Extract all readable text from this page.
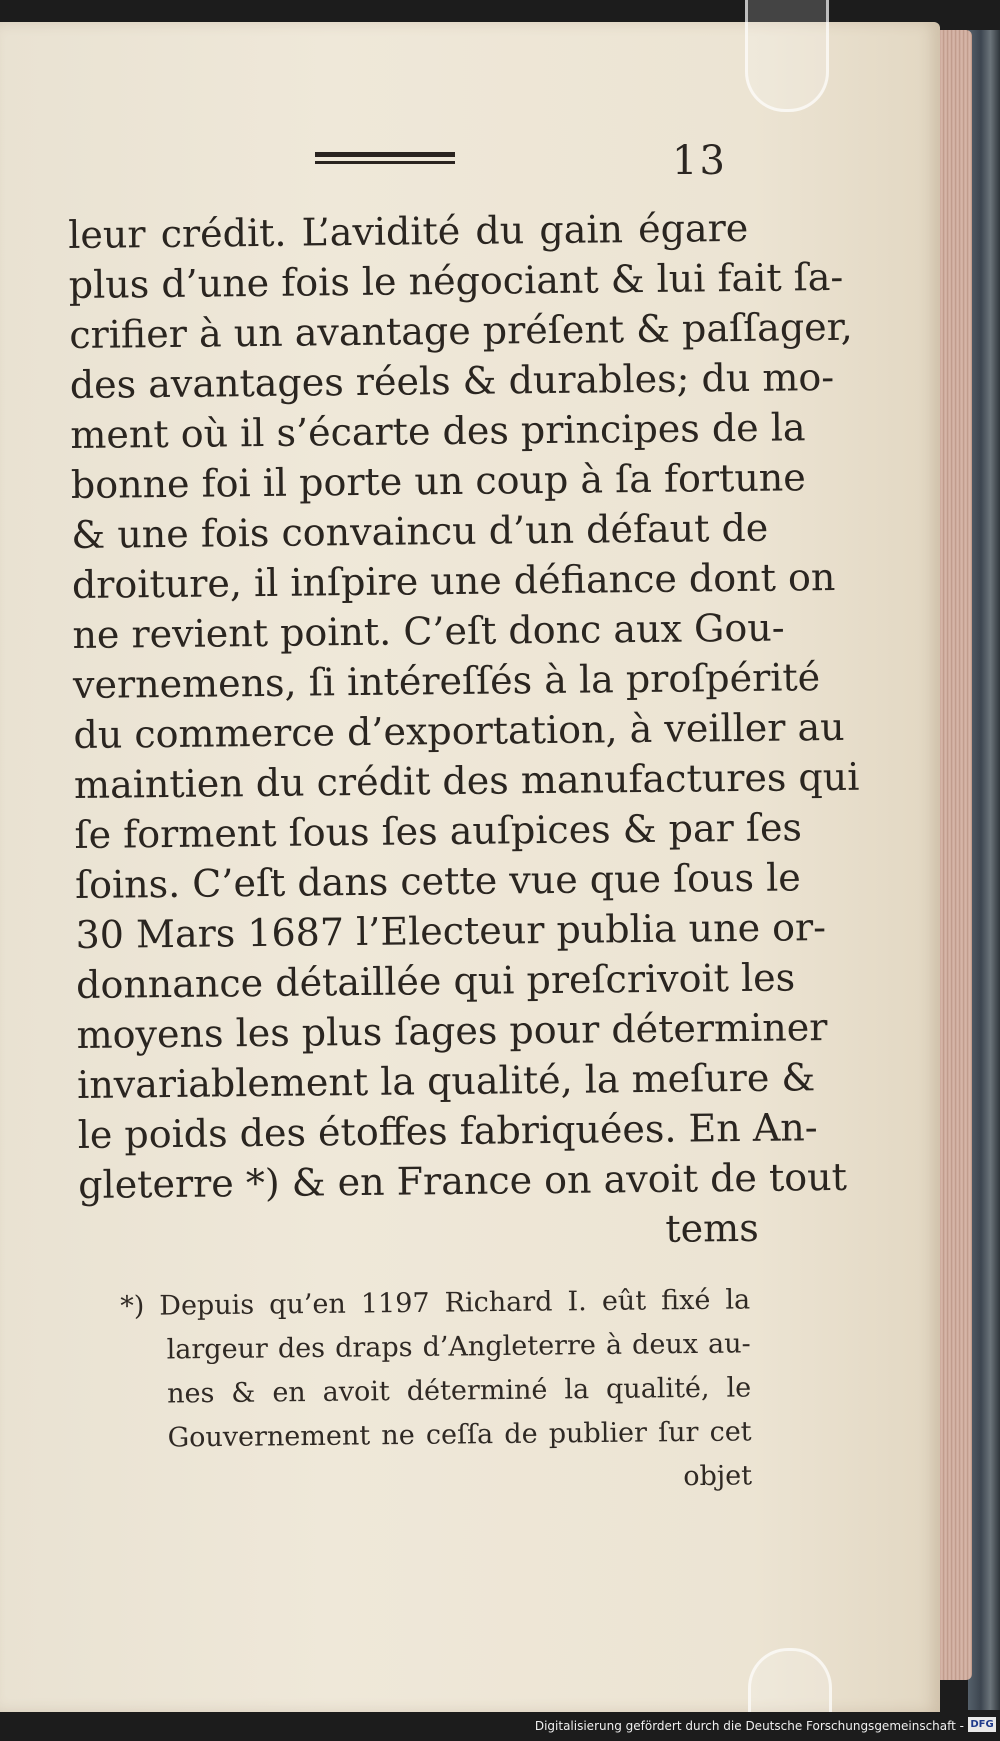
13
leur crédit. L’avidité du gain égare
plus d’une fois le négociant & lui fait ſa-
crifier à un avantage préſent & paſſager,
des avantages réels & durables; du mo-
ment où il s’écarte des principes de la
bonne foi il porte un coup à ſa fortune
& une fois convaincu d’un défaut de
droiture, il inſpire une défiance dont on
ne revient point. C’eſt donc aux Gou-
vernemens, ſi intéreſſés à la proſpérité
du commerce d’exportation, à veiller au
maintien du crédit des manufactures qui
ſe forment ſous ſes auſpices & par ſes
ſoins. C’eſt dans cette vue que ſous le
30 Mars 1687 l’Electeur publia une or-
donnance détaillée qui preſcrivoit les
moyens les plus ſages pour déterminer
invariablement la qualité, la meſure &
le poids des étoffes fabriquées. En An-
gleterre *) & en France on avoit de tout
tems
*) Depuis qu’en 1197 Richard I. eût fixé la
largeur des draps d’Angleterre à deux au-
nes & en avoit déterminé la qualité, le
Gouvernement ne ceſſa de publier ſur cet
objet
Digitalisierung gefördert durch die Deutsche Forschungsgemeinschaft - DFG
